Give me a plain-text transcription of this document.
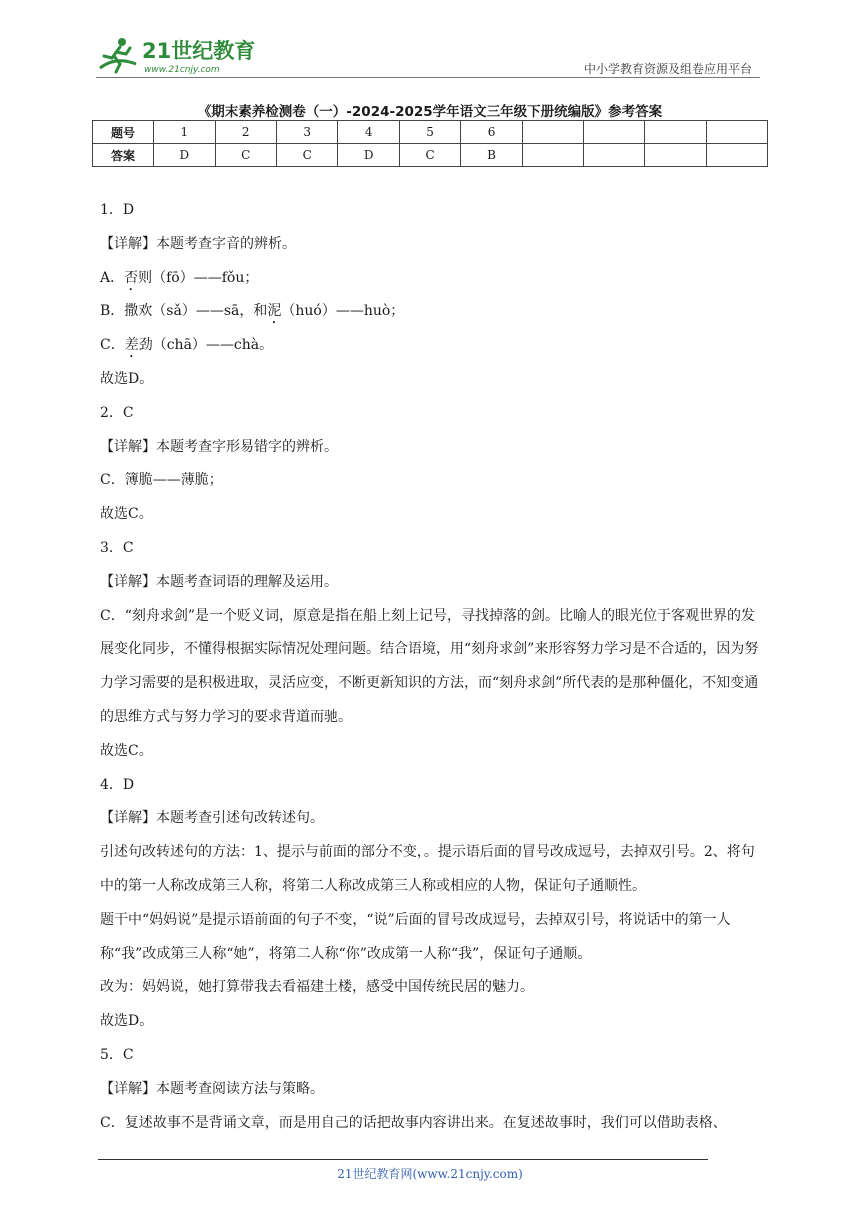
21世纪教育
www.21cnjy.com	中小学教育资源及组卷应用平台
《期末素养检测卷（一）-2024-2025学年语文三年级下册统编版》参考答案
题号	1	2	3	4	5	6				
答案	D	C	C	D	C	B				

1．D

【详解】本题考查字音的辨析。

A．否则（fō）——fǒu；

B．撒欢（sǎ）——sā，和泥（huó）——huò；

C．差劲（chā）——chà。

故选D。

2．C

【详解】本题考查字形易错字的辨析。

C．簿脆——薄脆；

故选C。

3．C

【详解】本题考查词语的理解及运用。

C．“刻舟求剑”是一个贬义词，原意是指在船上刻上记号，寻找掉落的剑。比喻人的眼光位于客观世界的发展变化同步，不懂得根据实际情况处理问题。结合语境，用“刻舟求剑”来形容努力学习是不合适的，因为努力学习需要的是积极进取，灵活应变，不断更新知识的方法，而“刻舟求剑”所代表的是那种僵化，不知变通的思维方式与努力学习的要求背道而驰。

故选C。

4．D

【详解】本题考查引述句改转述句。

引述句改转述句的方法：1、提示与前面的部分不变，。提示语后面的冒号改成逗号，去掉双引号。2、将句中的第一人称改成第三人称，将第二人称改成第三人称或相应的人物，保证句子通顺性。

题干中“妈妈说”是提示语前面的句子不变，“说”后面的冒号改成逗号，去掉双引号，将说话中的第一人称“我”改成第三人称“她”，将第二人称“你”改成第一人称“我”，保证句子通顺。

改为：妈妈说，她打算带我去看福建土楼，感受中国传统民居的魅力。

故选D。

5．C

【详解】本题考查阅读方法与策略。

C．复述故事不是背诵文章，而是用自己的话把故事内容讲出来。在复述故事时，我们可以借助表格、

21世纪教育网(www.21cnjy.com)
